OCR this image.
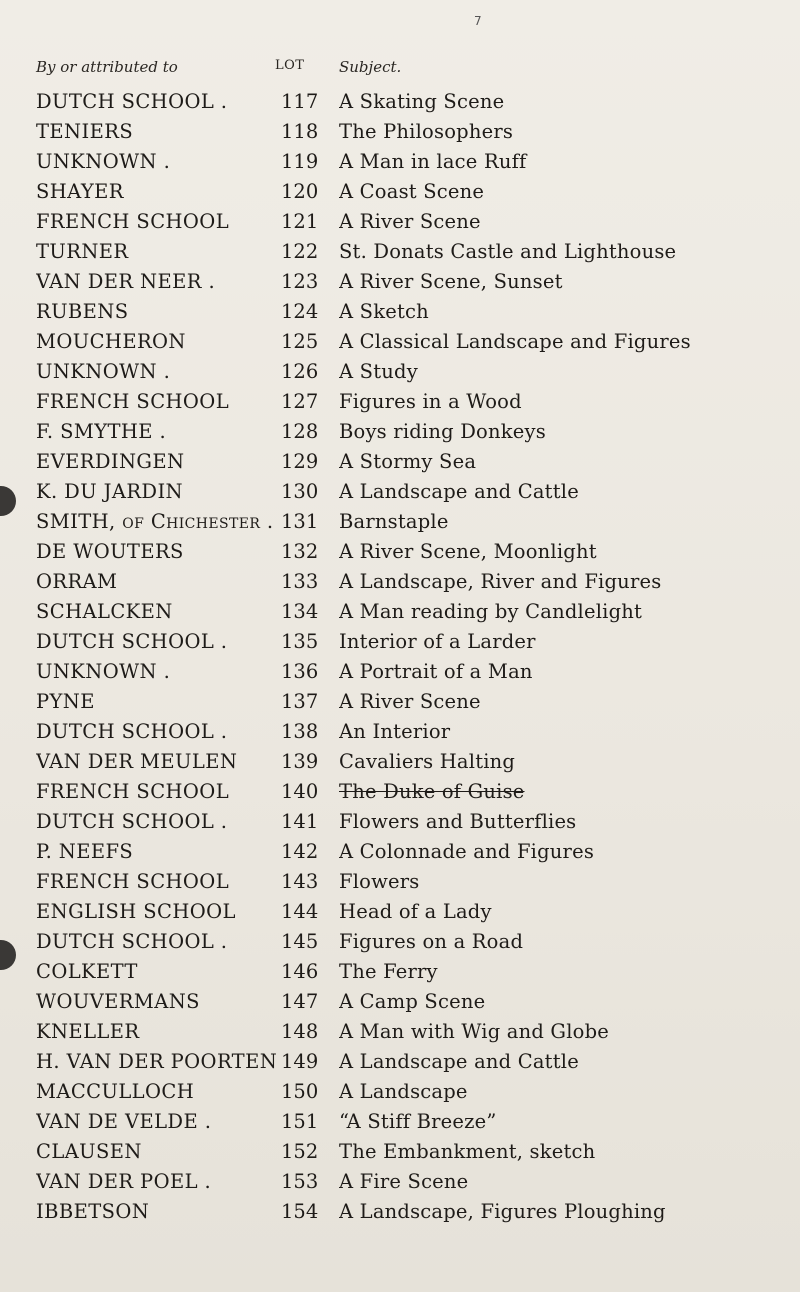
7
By or attributed to	LOT Subject.
DUTCH SCHOOL .	117 A Skating Scene
TENIERS	118 The Philosophers
UNKNOWN .	119 A Man in lace Ruff
SHAYER	120 A Coast Scene
FRENCH SCHOOL	121 A River Scene
TURNER	122 St. Donats Castle and Lighthouse
VAN DER NEER .	123 A River Scene, Sunset
RUBENS	124 A Sketch
MOUCHERON	125 A Classical Landscape and Figures
UNKNOWN .	126 A Study
FRENCH SCHOOL	127 Figures in a Wood
F. SMYTHE .	128 Boys riding Donkeys
EVERDINGEN	129 A Stormy Sea
K. DU JARDIN	130 A Landscape and Cattle
SMITH, of Chichester . 131 Barnstaple
DE WOUTERS	132 A River Scene, Moonlight
ORRAM	133 A Landscape, River and Figures
SCHALCKEN	134 A Man reading by Candlelight
DUTCH SCHOOL .	135 Interior of a Larder
UNKNOWN .	136 A Portrait of a Man
PYNE	137 A River Scene
DUTCH SCHOOL .	138 An Interior
VAN DER MEULEN	139 Cavaliers Halting
FRENCH SCHOOL	140 The Duke of Guise
DUTCH SCHOOL .	141 Flowers and Butterflies
P. NEEFS	142 A Colonnade and Figures
FRENCH SCHOOL	143 Flowers
ENGLISH SCHOOL	144 Head of a Lady
DUTCH SCHOOL .	145 Figures on a Road
COLKETT	146 The Ferry
WOUVERMANS	147 A Camp Scene
KNELLER	148 A Man with Wig and Globe
H. VAN DER POORTEN 149 A Landscape and Cattle
MACCULLOCH	150 A Landscape
VAN DE VELDE .	151 “A Stiff Breeze”
CLAUSEN	152 The Embankment, sketch
VAN DER POEL .	153 A Fire Scene
IBBETSON	154 A Landscape, Figures Ploughing
